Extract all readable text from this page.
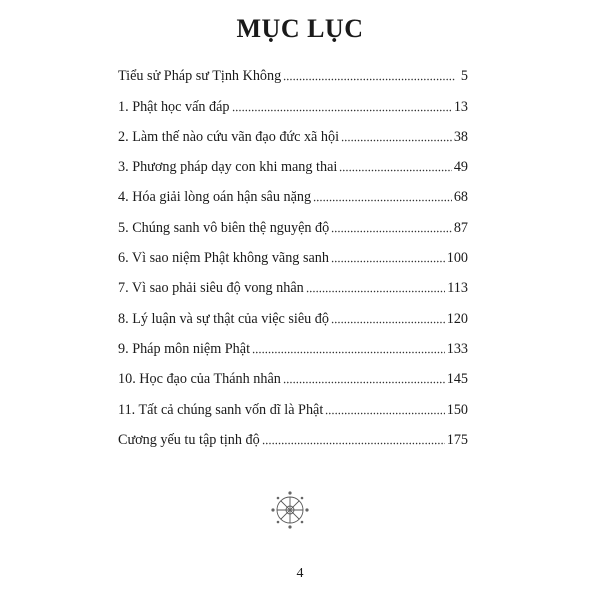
MỤC LỤC
Tiểu sử Pháp sư Tịnh Không	5
1. Phật học vấn đáp	13
2. Làm thế nào cứu vãn đạo đức xã hội	38
3. Phương pháp dạy con khi mang thai	49
4. Hóa giải lòng oán hận sâu nặng	68
5. Chúng sanh vô biên thệ nguyện độ	87
6. Vì sao niệm Phật không vãng sanh	100
7. Vì sao phải siêu độ vong nhân	113
8. Lý luận và sự thật của việc siêu độ	120
9. Pháp môn niệm Phật	133
10. Học đạo của Thánh nhân	145
11. Tất cả chúng sanh vốn dĩ là Phật	150
Cương yếu tu tập tịnh độ	175
4
